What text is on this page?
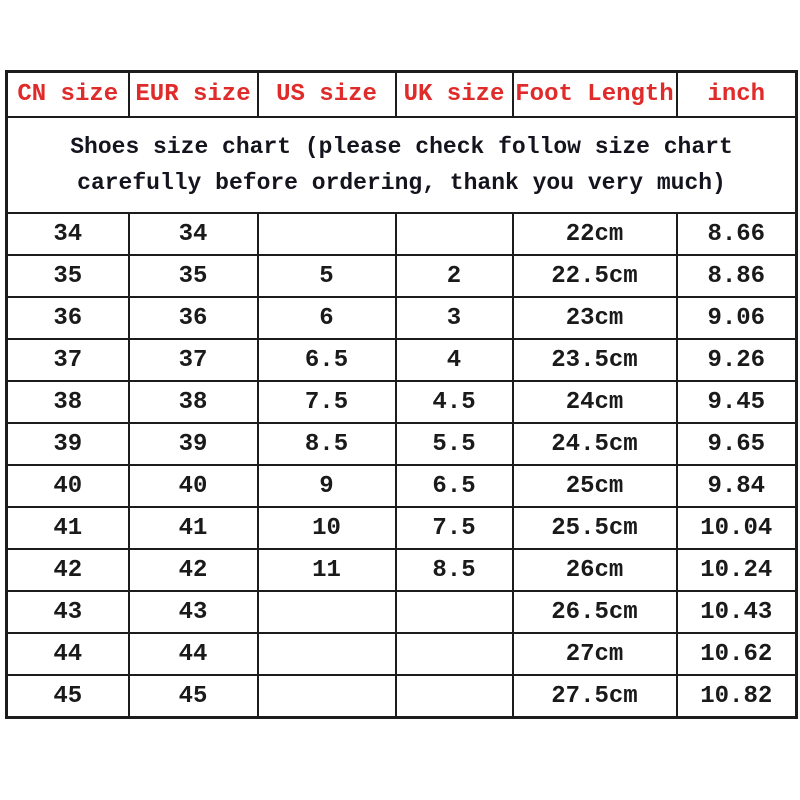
Shoes size chart (please check follow size chart
carefully before ordering, thank you very much)					

CN size	EUR size	US size	UK size	Foot Length	inch
34	34			22cm	8.66
35	35	5	2	22.5cm	8.86
36	36	6	3	23cm	9.06
37	37	6.5	4	23.5cm	9.26
38	38	7.5	4.5	24cm	9.45
39	39	8.5	5.5	24.5cm	9.65
40	40	9	6.5	25cm	9.84
41	41	10	7.5	25.5cm	10.04
42	42	11	8.5	26cm	10.24
43	43			26.5cm	10.43
44	44			27cm	10.62
45	45			27.5cm	10.82
